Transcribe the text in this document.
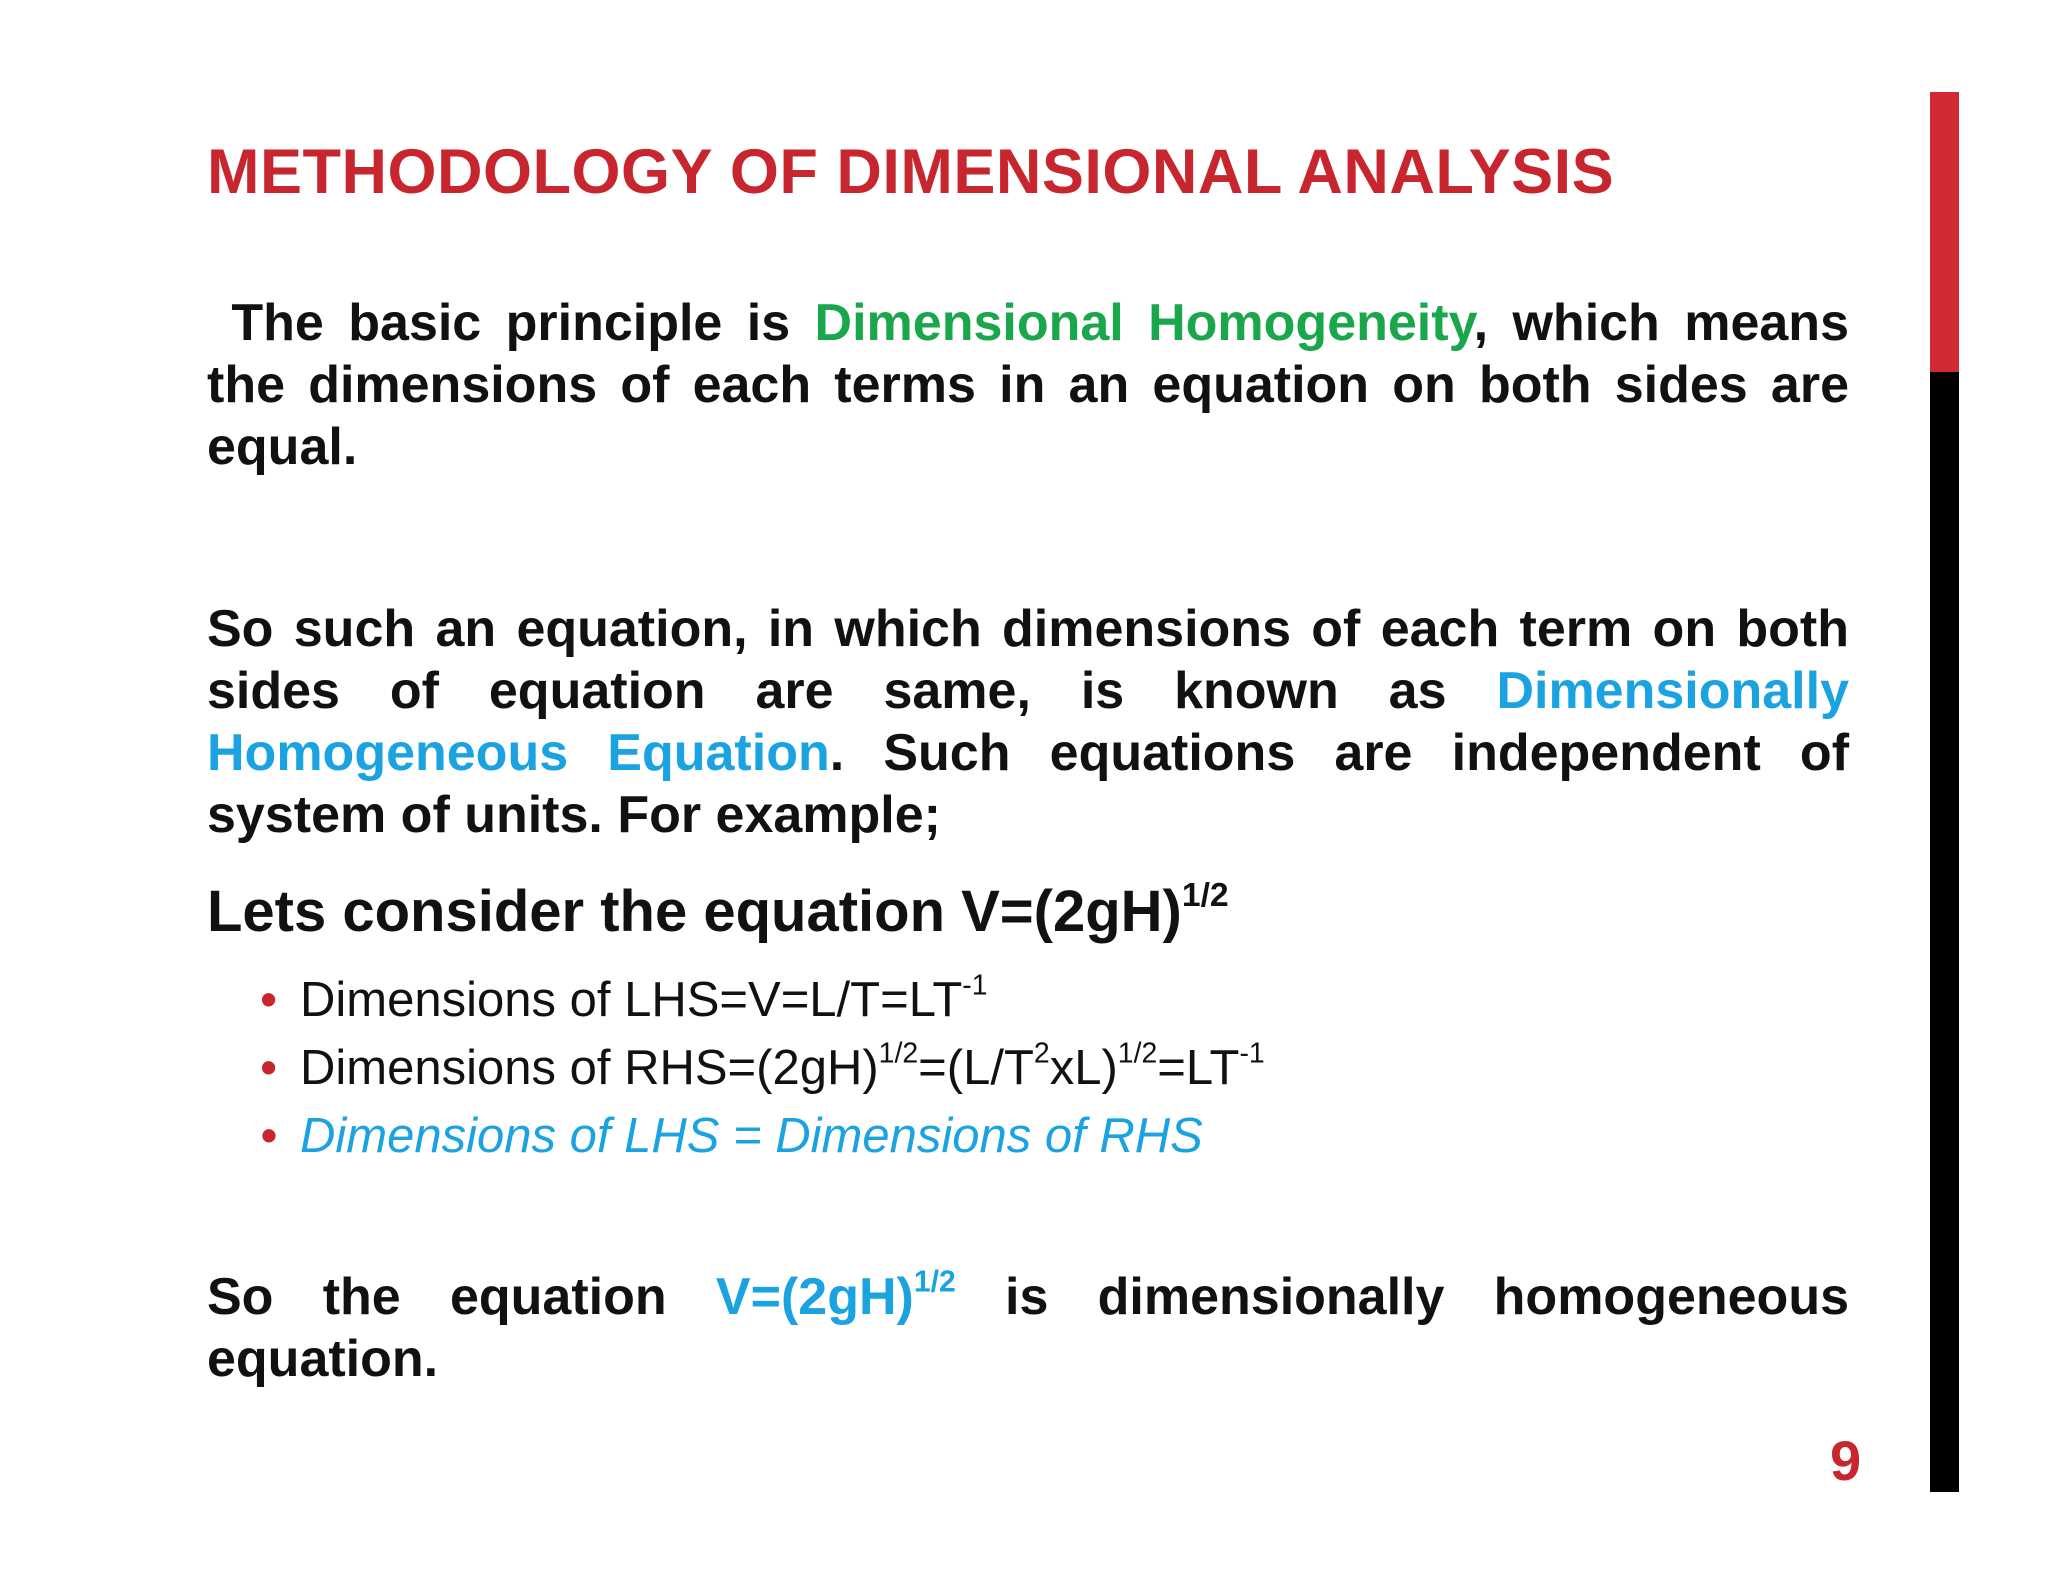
METHODOLOGY OF DIMENSIONAL ANALYSIS

The basic principle is Dimensional Homogeneity, which means the dimensions of each terms in an equation on both sides are equal.

So such an equation, in which dimensions of each term on both sides of equation are same, is known as Dimensionally Homogeneous Equation. Such equations are independent of system of units. For example;

Lets consider the equation $V=(2gH)^{1/2}$
• Dimensions of $LHS=V=L/T=LT^{-1}$
• Dimensions of $RHS=(2gH)^{1/2}=(L/T^2xL)^{1/2}=LT^{-1}$
• Dimensions of LHS = Dimensions of RHS

So the equation $V=(2gH)^{1/2}$ is dimensionally homogeneous equation.

9
